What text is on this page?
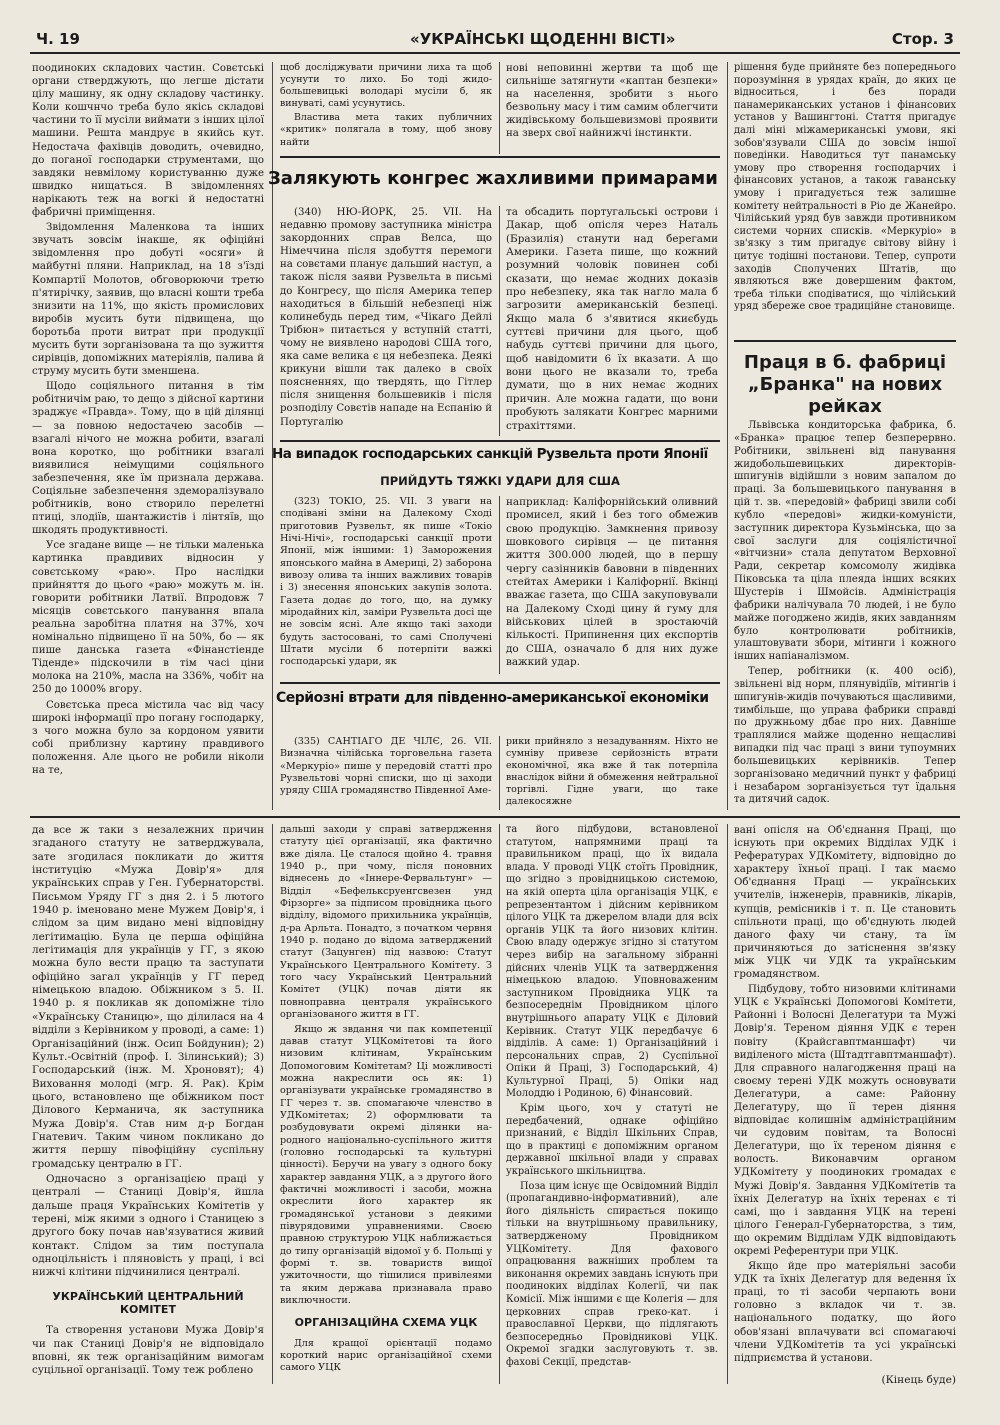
Ч. 19	«УКРАЇНСЬКІ ЩОДЕННІ ВІСТІ»	Стор. 3

поодиноких складових частин. Совєтські органи стверджують, що легше дістати цілу машину, як одну складову частинку. Коли кошчнчо треба було якісь складові частини то її мусіли виймати з інших цілої машини. Решта мандрує в якийсь кут. Недостача фахівців доводить, очевидно, до поганої господарки струментами, що завдяки невмілому користуванню дуже швидко нищаться. В звідомленнях нарікають теж на вогкі й недостатні фабричні приміщення.

Звідомлення Маленкова та інших звучать зовсім інакше, як офіційні звідомлення про добуті «осяги» й майбутні пляни. Наприклад, на 18 з'їзді Компартії Молотов, обговорюючи третю п'ятирічку, заявив, що власні кошти треба знизити на 11%, що якість промислових виробів мусить бути підвищена, що боротьба проти витрат при продукції мусить бути зорганізована та що зужиття сирівців, допоміжних матеріялів, палива й струму мусить бути зменшена.

Щодо соціяльного питання в тім робітничім раю, то дещо з дійсної картини зраджує «Правда». Тому, що в цій ділянці — за повною недостачею засобів — взагалі нічого не можна робити, взагалі вона коротко, що робітники взагалі виявилися неімущими соціяльного забезпечення, яке їм признала держава. Соціяльне забезпечення здеморалізувало робітників, воно створило перелетні птиці, злодіїв, шантажистів і лінтяїв, що шкодять продуктивності.

Усе згадане вище — не тільки маленька картинка правдивих відносин у совєтському «раю». Про наслідки прийняття до цього «раю» можуть м. ін. говорити робітники Латвії. Впродовж 7 місяців совєтського панування впала реальна заробітна платня на 37%, хоч номінально підвищено її на 50%, бо — як пише данська газета «Фінанстіенде Тіденде» підскочили в тім часі ціни молока на 210%, масла на 336%, чобіт на 250 до 1000% вгору.

Совєтська преса містила час від часу широкі інформації про погану господарку, з чого можна було за кордоном уявити собі приблизну картину правдивого положення. Але цього не робили ніколи на те,

щоб досліджувати причини лиха та щоб усунути то лихо. Бо тоді жидо-большевицькі володарі мусіли б, як винуваті, самі усунутись.

Властива мета таких публичних «критик» полягала в тому, щоб знову найти

нові неповинні жертви та щоб ще сильніше затягнути «каптан безпеки» на населення, зробити з нього безвольну масу і тим самим облегчити жидівському большевизмові проявити на зверх свої найнижчі інстинкти.

Залякують конгрес жахливими примарами

(340) НЮ-ЙОРК, 25. VII. На недавню промову заступника міністра закордонних справ Велса, що Німеччина після здобуття перемоги на совєтами планує дальший наступ, а також після заяви Рузвельта в письмі до Конгресу, що після Америка тепер находиться в більшій небезпеці ніж колинебудь перед тим, «Чікаго Дейлі Трібюн» питається у вступній статті, чому не виявлено народові США того, яка саме велика є ця небезпека. Деякі крикуни вішли так далеко в своїх поясненнях, що твердять, що Гітлер після знищення большевиків і після розподілу Совєтів нападе на Еспанію й Португалію

та обсадить португальські острови і Дакар, щоб опісля через Наталь (Бразилія) станути над берегами Америки. Газета пише, що кожний розумний чоловік повинен собі сказати, що немає жодних доказів про небезпеку, яка так нагло мала б загрозити американській безпеці. Якщо мала б з'явитися якиєбудь суттєві причини для цього, щоб набудь суттєві причини для цього, щоб навідомити 6 їх вказати. А що вони цього не вказали то, треба думати, що в них немає жодних причин. Але можна гадати, що вони пробують залякати Конгрес марними страхіттями.

На випадок господарських санкцій Рузвельта проти Японії
ПРИЙДУТЬ ТЯЖКІ УДАРИ ДЛЯ США

(323) ТОКІО, 25. VII. З уваги на сподівані зміни на Далекому Сході приготовив Рузвельт, як пише «Токіо Нічі-Нічі», господарські санкції проти Японії, між іншими: 1) Заморожения японського майна в Америці, 2) заборона вивозу олива та інших важливих товарів і 3) знесення японських закупів золота. Газета додає до того, що, на думку міродайних кіл, заміри Рузвельта досі ще не зовсім ясні. Але якщо такі заходи будуть застосовані, то самі Сполучені Штати мусіли б потерпіти важкі господарські удари, як

наприклад: Каліфорнійський оливний промисел, який і без того обмежив свою продукцію. Замкнення привозу шовкового сирівця — це питання життя 300.000 людей, що в першу чергу сазінників бавовни в південних стейтах Америки і Каліфорнії. Вкінці вважає газета, що США закуповували на Далекому Сході цину й гуму для військових цілей в зростаючій кількості. Припинення цих експортів до США, означало б для них дуже важкий удар.

Серйозні втрати для південно-американської економіки

(335) САНТІАГО ДЕ ЧІЛЄ, 26. VII. Визначна чілійська торговельна газета «Меркуріо» пише у передовій статті про Рузвельтові чорні списки, що ці заходи уряду США громадянство Південної Аме-

рики прийняло з незадуванням. Ніхто не сумніву привезе серйозність втрати економічної, яка вже й так потерпіла внаслідок війни й обмеження нейтральної торгівлі. Гідне уваги, що таке далекосяжне

рішення буде прийняте без попереднього порозуміння в урядах країн, до яких це відноситься, і без поради панамериканських установ і фінансових установ у Вашингтоні. Стаття пригадує далі міні міжамериканські умови, які зобов'язували США до зовсім іншої поведінки. Наводиться тут панамську умову про створення господарчих і фінансових установ, а також гаванську умову і пригадується теж залишне комітету нейтральності в Ріо де Жанейро. Чілійський уряд був завжди противником системи чорних списків. «Меркуріо» в зв'язку з тим пригадує світову війну і цитує тодішні постанови. Тепер, супроти заходів Сполучених Штатів, що являються вже довершеним фактом, треба тільки сподіватися, що чілійський уряд збереже свое традиційне становище.

Праця в б. фабриці „Бранка" на нових рейках

Львівська кондиторська фабрика, б. «Бранка» працює тепер безперервно. Робітники, звільнені від панування жидобольшевицьких директорів-шпигунів відійшли з новим запалом до праці. За большевицького панування в цій т. зв. «передовій» фабриці звили собі кубло «передові» жидки-комуністи, заступник директора Кузьмінська, що за свої заслуги для соціялістичної «вітчизни» стала депутатом Верховної Ради, секретар комсомолу жидівка Піковська та ціла плеяда інших всяких Шустерів і Шмойсів. Адміністрація фабрики налічувала 70 людей, і не було майже погоджено жидів, яких завданням було контролювати робітників, улаштовувати збори, мітинги і кожного інших напіаналізмом.

Тепер, робітники (к. 400 осіб), звільнені від норм, плянувідіїв, мітингів і шпигунів-жидів почуваються щасливими, тимбільше, що управа фабрики справді по дружньому дбає про них. Давніше траплялися майже щоденно нещасливі випадки під час праці з вини тупоумних большевицьких керівників. Тепер зорганізовано медичний пункт у фабриці і незабаром зорганізується тут їдальня та дитячий садок.

да все ж таки з незалежних причин згаданого статуту не затверджувала, зате згодилася покликати до життя інституцію «Мужа Довір'я» для українських справ у Ген. Губернаторстві. Письмом Уряду ГГ з дня 2. і 5 лютого 1940 р. іменовано мене Мужем Довір'я, і слідом за цим видано мені відповідну легітимацію. Була це перша офіційна легітимація для українців у ГГ, з якою можна було вести працю та заступати офіційно загал українців у ГГ перед німецькою владою. Обіжником з 5. II. 1940 р. я покликав як допоміжне тіло «Українську Станицю», що ділилася на 4 відділи з Керівником у проводі, а саме: 1) Організаційний (інж. Осип Бойдунин); 2) Культ.-Освітній (проф. І. Зілинський); 3) Господарський (інж. М. Хроновят); 4) Виховання молоді (мгр. Я. Рак). Крім цього, встановлено ще обіжником пост Ділового Керманича, як заступника Мужа Довір'я. Став ним д-р Богдан Гнатевич. Таким чином покликано до життя першу півофіційну суспільну громадську централю в ГГ.

Одночасно з організацією праці у централі — Станиці Довір'я, йшла дальше праця Українських Комітетів у терені, між якими з одного і Станицею з другого боку почав нав'язуватися живий контакт. Слідом за тим поступала одноцільність і пляновість у праці, і всі нижчі клітини підчинилися централі.

УКРАЇНСЬКИЙ ЦЕНТРАЛЬНИЙ КОМІТЕТ

Та створення установи Мужа Довір'я чи пак Станиці Довір'я не відповідало вповні, як теж організаційним вимогам суцільної організації. Тому теж роблено

дальші заходи у справі затвердження статуту цієї організації, яка фактично вже діяла. Це сталося щойно 4. травня 1940 р., при чому, після поновних віднесень до «Іннере-Фервальтунг» — Відділ «Бефельксруенгсвезен унд Фірзорге» за підписом провідника цього відділу, відомого прихильника українців, д-ра Арльта. Понадто, з початком червня 1940 р. подано до відома затверджений статут (Зацунген) під назвою: Статут Українського Центрального Комітету. З того часу Український Центральний Комітет (УЦК) почав діяти як повноправна централя українського організованого життя в ГГ.

Якщо ж звдання чи пак компетенції давав статут УЦКомітетові та його низовим клітинам, Українським Допомоговим Комітетам? Ці можливості можна накреслити ось як: 1) організувати українське громадянство в ГГ через т. зв. спомагаюче членство в УДКомітетах; 2) оформлювати та розбудовувати окремі ділянки на-родного національно-суспільного життя (головно господарські та культурні цінності). Беручи на увагу з одного боку характер завдання УЦК, а з другого його фактичні можливості і засоби, можна окреслити його характер як громадянської установи з деякими півурядовими управнениями. Своєю правною структурою УЦК наближається до типу організацій відомої у б. Польщі у формі т. зв. товариств вищої ужиточности, що тішилися привілеями та яким держава признавала право виключности.

ОРГАНІЗАЦІЙНА СХЕМА УЦК

Для кращої орієнтації подамо короткий нарис організаційної схеми самого УЦК

та його підбудови, встановленої статутом, напрямними праці та правильником праці, що їх видала влада. У проводі УЦК стоїть Провідник, що згідно з провідницькою системою, на якій оперта ціла організація УЦК, є репрезентантом і дійсним керівником цілого УЦК та джерелом влади для всіх органів УЦК та його низових клітин. Свою владу одержує згідно зі статутом через вибір на загальному зібранні дійсних членів УЦК та затвердження німецькою владою. Уповноваженим заступником Провідника УЦК та безпосереднім Провідником цілого внутрішнього апарату УЦК є Діловий Керівник. Статут УЦК передбачує 6 відділів. А саме: 1) Організаційний і персональних справ, 2) Суспільної Опіки й Праці, 3) Господарський, 4) Культурної Праці, 5) Опіки над Молоддю і Родиною, 6) Фінансовий.

Крім цього, хоч у статуті не передбачений, однаке офіційно признаний, є Відділ Шкільних Справ, що в практиці є допоміжним органом державної шкільної влади у справах українського шкільництва.

Поза цим існує ще Освідомний Відділ (пропагандивно-інформативний), але його діяльність спирається покищо тільки на внутрішньому правильнику, затвердженому Провідником УЦКомітету. Для фахового опрацювання важніших проблем та виконання окремих завдань існують при поодиноких відділах Колегії, чи пак Комісії. Між іншими є ще Колегія — для церковних справ греко-кат. і православної Церкви, що підлягають безпосередньо Провідникові УЦК. Окремої згадки заслуговують т. зв. фахові Секції, представ-

вані опісля на Об'єднання Праці, що існують при окремих Відділах УДК і Рефературах УДКомітету, відповідно до характеру їхньої праці. І так маємо Об'єднання Праці — українських учителів, інженерів, правників, лікарів, купців, ремісників і т. п. Це становить спільноти праці, що об'єднують людей даного фаху чи стану, та їм причиняються до затіснення зв'язку між УЦК чи УДК та українським громадянством.

Підбудову, тобто низовими клітинами УЦК є Українські Допомогові Комітети, Районні і Волосні Делегатури та Мужі Довір'я. Тереном діяння УДК є терен повіту (Крайсгавптманшафт) чи виділеного міста (Штадтгавптманшафт). Для справного налагодження праці на своєму терені УДК можуть основувати Делегатури, а саме: Районну Делегатуру, що її терен діяння відповідає колишнім адміністраційним чи судовим повітам, та Волосні Делегатури, що їх тереном діяння є волость. Виконавчим органом УДКомітету у поодиноких громадах є Мужі Довір'я. Завдання УДКомітетів та їхніх Делегатур на їхніх теренах є ті самі, що і завдання УЦК на терені цілого Генерал-Губернаторства, з тим, що окремим Відділам УДК відповідають окремі Референтури при УЦК.

Якщо йде про матеріяльні засоби УДК та їхніх Делегатур для ведення їх праці, то ті засоби черпають вони головно з вкладок чи т. зв. національного податку, що його обов'язані вплачувати всі спомагаючі члени УДКомітетів та усі українські підприємства й установи.

(Кінець буде)
